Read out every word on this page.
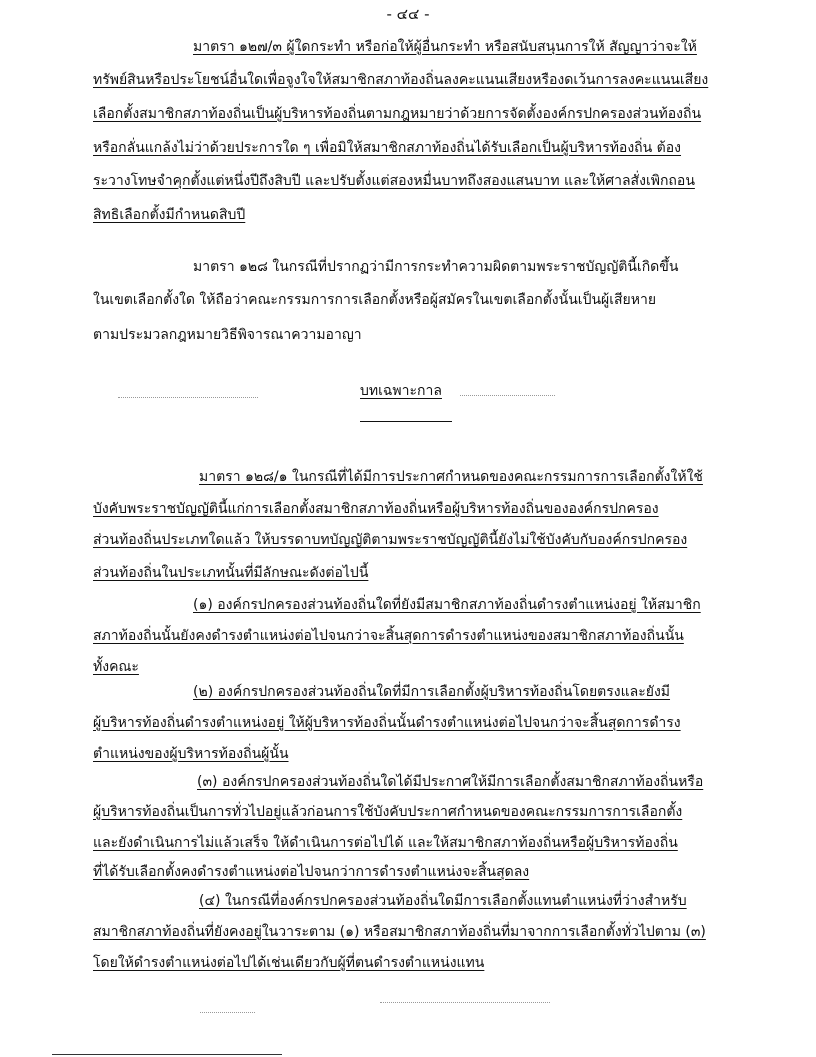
- ๔๔ -
มาตรา ๑๒๗/๓ ผู้ใดกระทำ หรือก่อให้ผู้อื่นกระทำ หรือสนับสนุนการให้ สัญญาว่าจะให้
ทรัพย์สินหรือประโยชน์อื่นใดเพื่อจูงใจให้สมาชิกสภาท้องถิ่นลงคะแนนเสียงหรืองดเว้นการลงคะแนนเสียง
เลือกตั้งสมาชิกสภาท้องถิ่นเป็นผู้บริหารท้องถิ่นตามกฎหมายว่าด้วยการจัดตั้งองค์กรปกครองส่วนท้องถิ่น
หรือกลั่นแกล้งไม่ว่าด้วยประการใด ๆ เพื่อมิให้สมาชิกสภาท้องถิ่นได้รับเลือกเป็นผู้บริหารท้องถิ่น ต้อง
ระวางโทษจำคุกตั้งแต่หนึ่งปีถึงสิบปี และปรับตั้งแต่สองหมื่นบาทถึงสองแสนบาท และให้ศาลสั่งเพิกถอน
สิทธิเลือกตั้งมีกำหนดสิบปี
มาตรา ๑๒๘ ในกรณีที่ปรากฏว่ามีการกระทำความผิดตามพระราชบัญญัตินี้เกิดขึ้น
ในเขตเลือกตั้งใด ให้ถือว่าคณะกรรมการการเลือกตั้งหรือผู้สมัครในเขตเลือกตั้งนั้นเป็นผู้เสียหาย
ตามประมวลกฎหมายวิธีพิจารณาความอาญา
บทเฉพาะกาล
มาตรา ๑๒๘/๑ ในกรณีที่ได้มีการประกาศกำหนดของคณะกรรมการการเลือกตั้งให้ใช้
บังคับพระราชบัญญัตินี้แก่การเลือกตั้งสมาชิกสภาท้องถิ่นหรือผู้บริหารท้องถิ่นขององค์กรปกครอง
ส่วนท้องถิ่นประเภทใดแล้ว ให้บรรดาบทบัญญัติตามพระราชบัญญัตินี้ยังไม่ใช้บังคับกับองค์กรปกครอง
ส่วนท้องถิ่นในประเภทนั้นที่มีลักษณะดังต่อไปนี้
(๑) องค์กรปกครองส่วนท้องถิ่นใดที่ยังมีสมาชิกสภาท้องถิ่นดำรงตำแหน่งอยู่ ให้สมาชิก
สภาท้องถิ่นนั้นยังคงดำรงตำแหน่งต่อไปจนกว่าจะสิ้นสุดการดำรงตำแหน่งของสมาชิกสภาท้องถิ่นนั้น
ทั้งคณะ
(๒) องค์กรปกครองส่วนท้องถิ่นใดที่มีการเลือกตั้งผู้บริหารท้องถิ่นโดยตรงและยังมี
ผู้บริหารท้องถิ่นดำรงตำแหน่งอยู่ ให้ผู้บริหารท้องถิ่นนั้นดำรงตำแหน่งต่อไปจนกว่าจะสิ้นสุดการดำรง
ตำแหน่งของผู้บริหารท้องถิ่นผู้นั้น
(๓) องค์กรปกครองส่วนท้องถิ่นใดได้มีประกาศให้มีการเลือกตั้งสมาชิกสภาท้องถิ่นหรือ
ผู้บริหารท้องถิ่นเป็นการทั่วไปอยู่แล้วก่อนการใช้บังคับประกาศกำหนดของคณะกรรมการการเลือกตั้ง
และยังดำเนินการไม่แล้วเสร็จ ให้ดำเนินการต่อไปได้ และให้สมาชิกสภาท้องถิ่นหรือผู้บริหารท้องถิ่น
ที่ได้รับเลือกตั้งคงดำรงตำแหน่งต่อไปจนกว่าการดำรงตำแหน่งจะสิ้นสุดลง
(๔) ในกรณีที่องค์กรปกครองส่วนท้องถิ่นใดมีการเลือกตั้งแทนตำแหน่งที่ว่างสำหรับ
สมาชิกสภาท้องถิ่นที่ยังคงอยู่ในวาระตาม (๑) หรือสมาชิกสภาท้องถิ่นที่มาจากการเลือกตั้งทั่วไปตาม (๓)
โดยให้ดำรงตำแหน่งต่อไปได้เช่นเดียวกับผู้ที่ตนดำรงตำแหน่งแทน
